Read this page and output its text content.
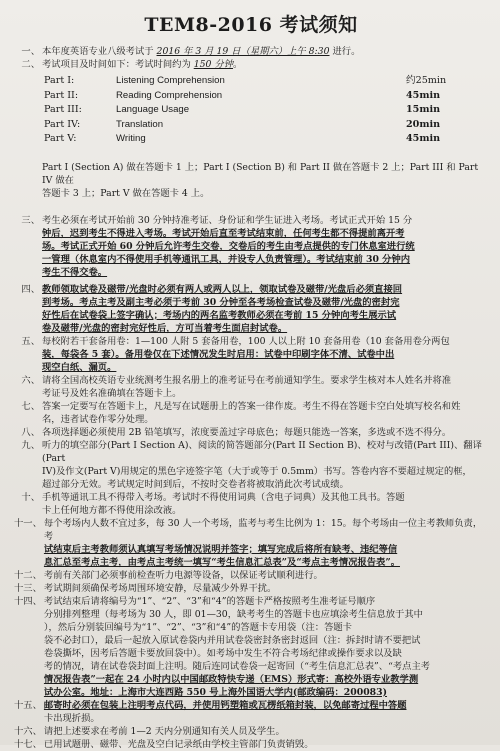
TEM8-2016 考试须知
一、 本年度英语专业八级考试于 2016 年 3 月 19 日（星期六）上午 8:30 进行。
二、 考试项目及时间如下：考试时间约为 150 分钟。
Part I:	Listening Comprehension	约25min
Part II:	Reading Comprehension	45min
Part III:	Language Usage	15min
Part IV:	Translation	20min
Part V:	Writing	45min
Part I (Section A) 做在答题卡 1 上；Part I (Section B) 和 Part II 做在答题卡 2 上；Part III 和 Part IV 做在
答题卡 3 上；Part V 做在答题卡 4 上。
三、 考生必须在考试开始前 30 分钟持准考证、身份证和学生证进入考场。考试正式开始 15 分
钟后，迟到考生不得进入考场。考试开始后直至考试结束前，任何考生都不得提前离开考
场。考试正式开始 60 分钟后允许考生交卷，交卷后的考生由考点提供的专门休息室进行统
一管理（休息室内不得使用手机等通讯工具，并设专人负责管理）。考试结束前 30 分钟内
考生不得交卷。
四、 教师领取试卷及磁带/光盘时必须有两人或两人以上，领取试卷及磁带/光盘后必须直接回
到考场。考点主考及副主考必须于考前 30 分钟至各考场检查试卷及磁带/光盘的密封完
好性后在试卷袋上签字确认；考场内的两名监考教师必须在考前 15 分钟向考生展示试
卷及磁带/光盘的密封完好性后，方可当着考生面启封试卷。
五、 每校附若干套备用卷：1—100 人附 5 套备用卷，100 人以上附 10 套备用卷（10 套备用卷分两包
装，每袋各 5 套）。备用卷仅在下述情况发生时启用：试卷中印刷字体不清、试卷中出
现空白纸、漏页。
六、 请将全国高校英语专业统测考生报名册上的准考证号在考前通知学生。要求学生核对本人姓名并将准
考证号及姓名准确填在答题卡上。
七、 答案一定要写在答题卡上，凡是写在试题册上的答案一律作废。考生不得在答题卡空白处填写校名和姓
名，违者试卷作零分处理。
八、 各项选择题必须使用 2B 铅笔填写，浓度要盖过字母底色；每题只能选一答案，多选或不选不得分。
九、 听力的填空部分(Part I Section A)、阅读的简答题部分(Part II Section B)、校对与改错(Part III)、翻译(Part
IV)及作文(Part V)用规定的黑色字迹签字笔（大于或等于 0.5mm）书写。答卷内容不要超过规定的框，
超过部分无效。考试规定时间到后，不按时交卷者将被取消此次考试成绩。
十、 手机等通讯工具不得带入考场。考试时不得使用词典（含电子词典）及其他工具书。答题
卡上任何地方都不得使用涂改液。
十一、 每个考场内人数不宜过多，每 30 人一个考场，监考与考生比例为 1：15。每个考场由一位主考教师负责，考
试结束后主考教师须认真填写考场情况说明并签字；填写完成后将所有缺考、违纪等信
息汇总至考点主考，由考点主考统一填写“考生信息汇总表”及“考点主考情况报告表”。
十二、 考前有关部门必须事前检查听力电源等设备，以保证考试顺利进行。
十三、 考试期间须确保考场周围环境安静，尽量减少外界干扰。
十四、 考试结束后请将编号为“1”、“2”、“3”和“4”的答题卡严格按照考生准考证号顺序
分别排列整理（每考场为 30 人，即 01—30，缺考考生的答题卡也应填涂考生信息放于其中
），然后分别装回编号为“1”、“2”、“3”和“4”的答题卡专用袋（注：答题卡
袋不必封口），最后一起放入原试卷袋内并用试卷袋密封条密封返回（注：拆封时请不要把试
卷袋撕坏，因考后答题卡要放回袋中）。如考场中发生不符合考场纪律或操作要求以及缺
考的情况，请在试卷袋封面上注明。随后连同试卷袋一起寄回（“考生信息汇总表”、“考点主考
情况报告表”一起在 24 小时内以中国邮政特快专递（EMS）形式寄：高校外语专业教学测
试办公室。地址：上海市大连西路 550 号上海外国语大学内(邮政编码：200083)
十五、 邮寄时必须在包装上注明考点代码，并使用钙塑箱或瓦楞纸箱封装，以免邮寄过程中答题
卡出现折损。
十六、 请把上述要求在考前 1—2 天内分别通知有关人员及学生。
十七、 已用试题册、磁带、光盘及空白记录纸由学校主管部门负责销毁。
